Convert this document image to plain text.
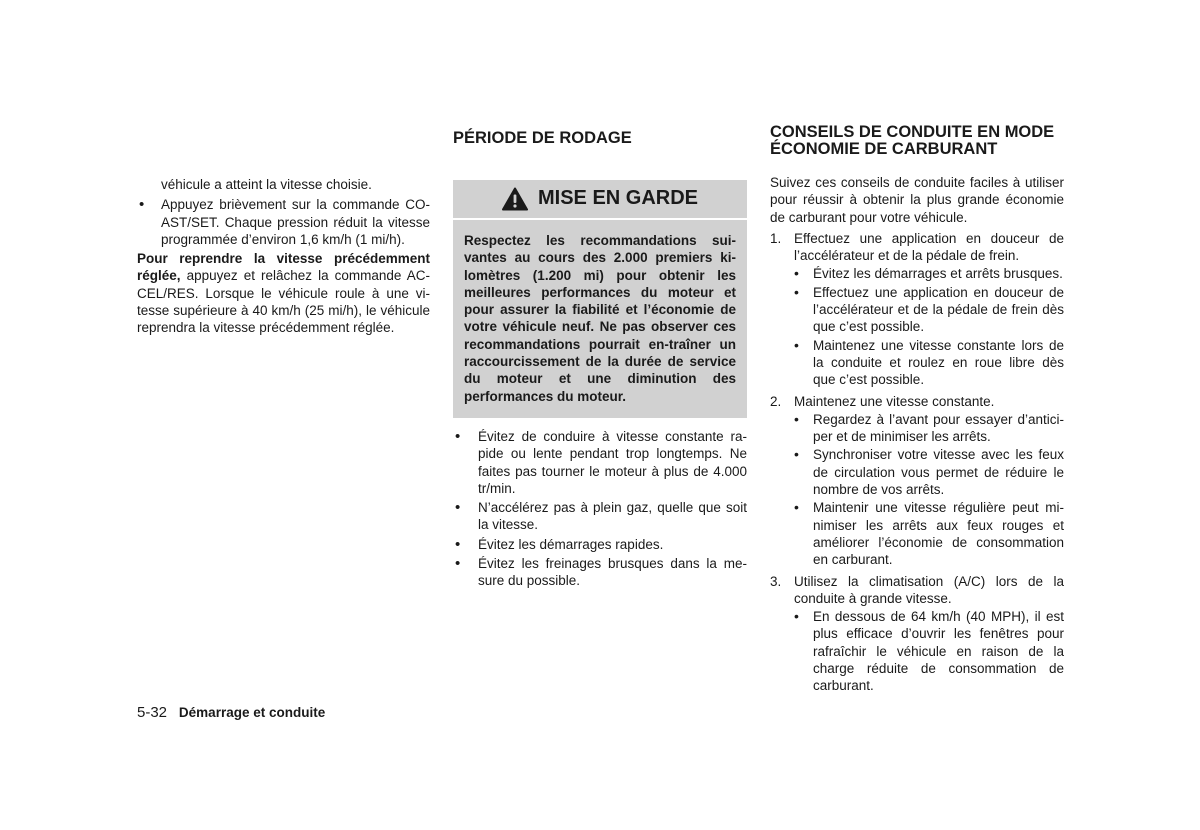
véhicule a atteint la vitesse choisie.

• Appuyez brièvement sur la commande CO-AST/SET. Chaque pression réduit la vitesse programmée d’environ 1,6 km/h (1 mi/h).

Pour reprendre la vitesse précédemment réglée, appuyez et relâchez la commande AC-CEL/RES. Lorsque le véhicule roule à une vi-tesse supérieure à 40 km/h (25 mi/h), le véhicule reprendra la vitesse précédemment réglée.

PÉRIODE DE RODAGE
MISE EN GARDE
Respectez les recommandations sui-vantes au cours des 2.000 premiers ki-lomètres (1.200 mi) pour obtenir les meilleures performances du moteur et pour assurer la fiabilité et l’économie de votre véhicule neuf. Ne pas observer ces recommandations pourrait en-traîner un raccourcissement de la durée de service du moteur et une diminution des performances du moteur.

• Évitez de conduire à vitesse constante ra-pide ou lente pendant trop longtemps. Ne faites pas tourner le moteur à plus de 4.000 tr/min.

• N’accélérez pas à plein gaz, quelle que soit la vitesse.

• Évitez les démarrages rapides.

• Évitez les freinages brusques dans la me-sure du possible.

CONSEILS DE CONDUITE EN MODE ÉCONOMIE DE CARBURANT

Suivez ces conseils de conduite faciles à utiliser pour réussir à obtenir la plus grande économie de carburant pour votre véhicule.

1. Effectuez une application en douceur de l’accélérateur et de la pédale de frein.

• Évitez les démarrages et arrêts brusques.

• Effectuez une application en douceur de l’accélérateur et de la pédale de frein dès que c’est possible.

• Maintenez une vitesse constante lors de la conduite et roulez en roue libre dès que c’est possible.

2. Maintenez une vitesse constante.

• Regardez à l’avant pour essayer d’antici-per et de minimiser les arrêts.

• Synchroniser votre vitesse avec les feux de circulation vous permet de réduire le nombre de vos arrêts.

• Maintenir une vitesse régulière peut mi-nimiser les arrêts aux feux rouges et améliorer l’économie de consommation en carburant.

3. Utilisez la climatisation (A/C) lors de la conduite à grande vitesse.

• En dessous de 64 km/h (40 MPH), il est plus efficace d’ouvrir les fenêtres pour rafraîchir le véhicule en raison de la charge réduite de consommation de carburant.

5-32 Démarrage et conduite
